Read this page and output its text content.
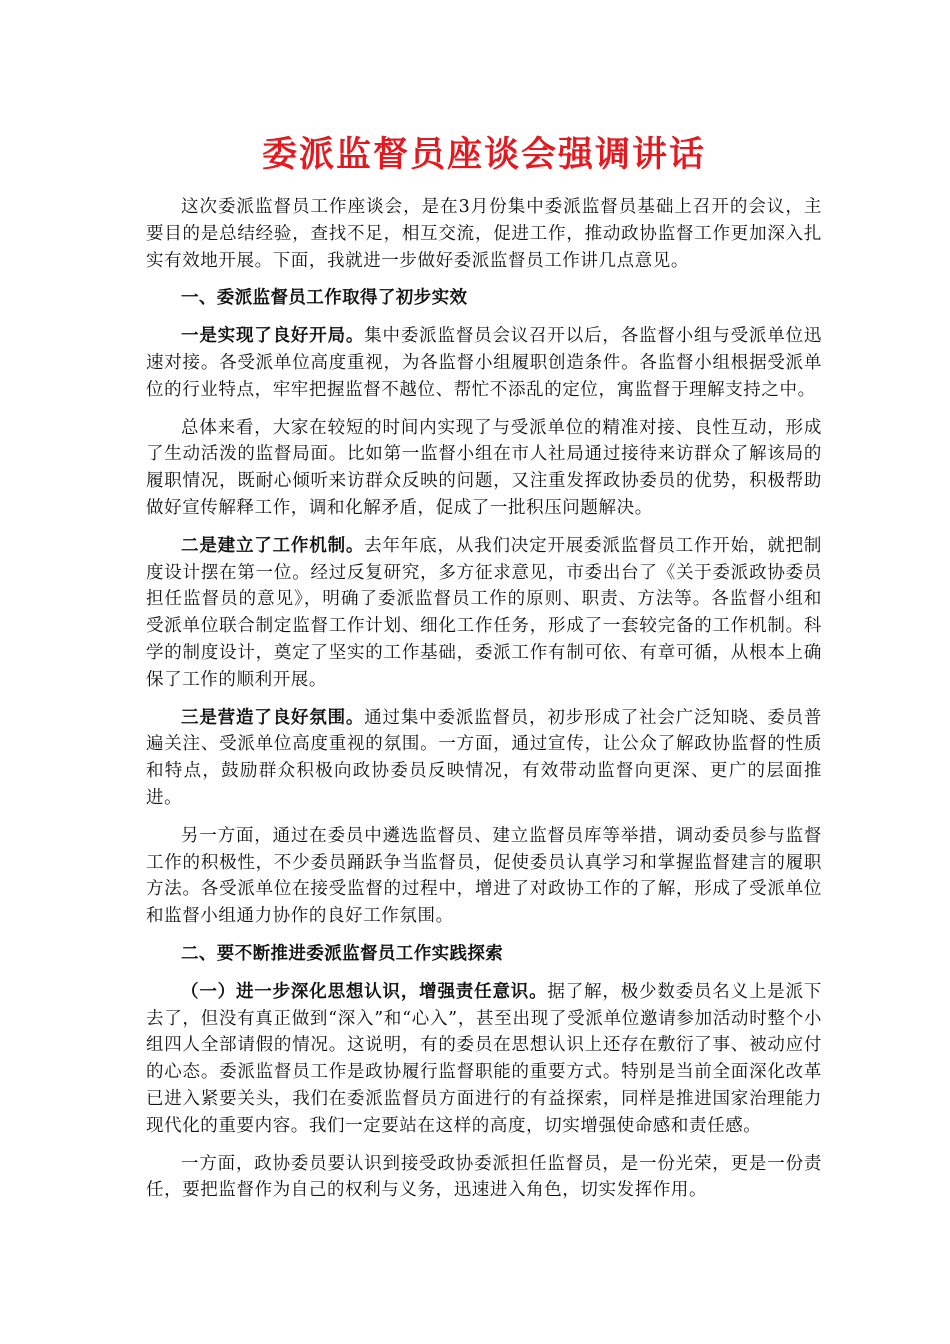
委派监督员座谈会强调讲话

这次委派监督员工作座谈会，是在3月份集中委派监督员基础上召开的会议，主要目的是总结经验，查找不足，相互交流，促进工作，推动政协监督工作更加深入扎实有效地开展。下面，我就进一步做好委派监督员工作讲几点意见。

一、委派监督员工作取得了初步实效

一是实现了良好开局。集中委派监督员会议召开以后，各监督小组与受派单位迅速对接。各受派单位高度重视，为各监督小组履职创造条件。各监督小组根据受派单位的行业特点，牢牢把握监督不越位、帮忙不添乱的定位，寓监督于理解支持之中。

总体来看，大家在较短的时间内实现了与受派单位的精准对接、良性互动，形成了生动活泼的监督局面。比如第一监督小组在市人社局通过接待来访群众了解该局的履职情况，既耐心倾听来访群众反映的问题，又注重发挥政协委员的优势，积极帮助做好宣传解释工作，调和化解矛盾，促成了一批积压问题解决。

二是建立了工作机制。去年年底，从我们决定开展委派监督员工作开始，就把制度设计摆在第一位。经过反复研究，多方征求意见，市委出台了《关于委派政协委员担任监督员的意见》，明确了委派监督员工作的原则、职责、方法等。各监督小组和受派单位联合制定监督工作计划、细化工作任务，形成了一套较完备的工作机制。科学的制度设计，奠定了坚实的工作基础，委派工作有制可依、有章可循，从根本上确保了工作的顺利开展。

三是营造了良好氛围。通过集中委派监督员，初步形成了社会广泛知晓、委员普遍关注、受派单位高度重视的氛围。一方面，通过宣传，让公众了解政协监督的性质和特点，鼓励群众积极向政协委员反映情况，有效带动监督向更深、更广的层面推进。

另一方面，通过在委员中遴选监督员、建立监督员库等举措，调动委员参与监督工作的积极性，不少委员踊跃争当监督员，促使委员认真学习和掌握监督建言的履职方法。各受派单位在接受监督的过程中，增进了对政协工作的了解，形成了受派单位和监督小组通力协作的良好工作氛围。

二、要不断推进委派监督员工作实践探索

（一）进一步深化思想认识，增强责任意识。据了解，极少数委员名义上是派下去了，但没有真正做到“深入”和“心入”，甚至出现了受派单位邀请参加活动时整个小组四人全部请假的情况。这说明，有的委员在思想认识上还存在敷衍了事、被动应付的心态。委派监督员工作是政协履行监督职能的重要方式。特别是当前全面深化改革已进入紧要关头，我们在委派监督员方面进行的有益探索，同样是推进国家治理能力现代化的重要内容。我们一定要站在这样的高度，切实增强使命感和责任感。

一方面，政协委员要认识到接受政协委派担任监督员，是一份光荣，更是一份责任，要把监督作为自己的权利与义务，迅速进入角色，切实发挥作用。
